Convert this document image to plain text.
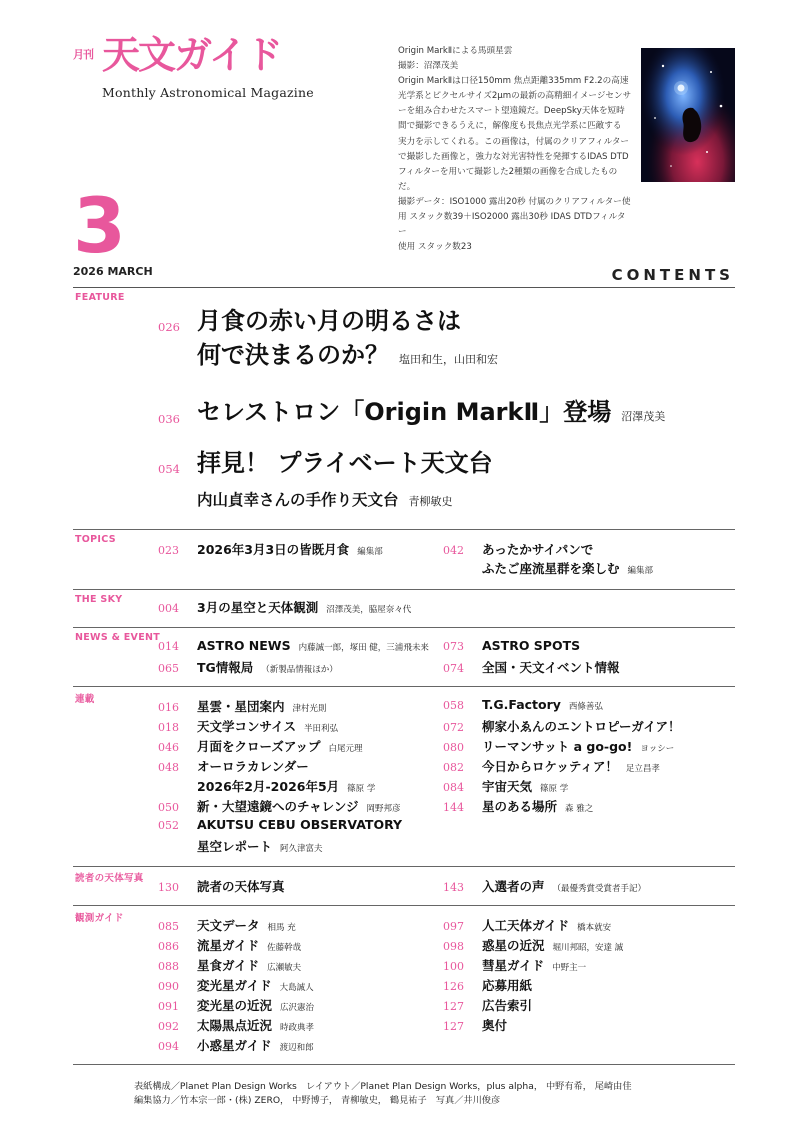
月刊 天文ガイド
Monthly Astronomical Magazine

Origin MarkⅡによる馬頭星雲

撮影：沼澤茂美

Origin MarkⅡは口径150mm 焦点距離335mm F2.2の高速

光学系とピクセルサイズ2μmの最新の高精細イメージセンサ

ーを組み合わせたスマート望遠鏡だ。DeepSky天体を短時

間で撮影できるうえに，解像度も長焦点光学系に匹敵する

実力を示してくれる。この画像は，付属のクリアフィルター

で撮影した画像と，強力な対光害特性を発揮するIDAS DTD

フィルターを用いて撮影した2種類の画像を合成したものだ。

撮影データ：ISO1000 露出20秒 付属のクリアフィルター使

用 スタック数39＋ISO2000 露出30秒 IDAS DTDフィルター

使用 スタック数23

3
2026 MARCH	CONTENTS
FEATURE
026 月食の赤い月の明るさは
何で決まるのか？ 塩田和生，山田和宏
036 セレストロン「Origin MarkⅡ」登場 沼澤茂美
054 拝見！ プライベート天文台
内山貞幸さんの手作り天文台 青柳敏史
TOPICS
023	2026年3月3日の皆既月食 編集部	042	あったかサイパンで
ふたご座流星群を楽しむ 編集部
THE SKY
004	3月の星空と天体観測 沼澤茂美，脇屋奈々代
NEWS & EVENT
014	ASTRO NEWS 内藤誠一郎，塚田 健，三浦飛未来
065	TG情報局 （新製品情報ほか）
073	ASTRO SPOTS
074	全国・天文イベント情報
連載
016	星雲・星団案内 津村光則
018	天文学コンサイス 半田利弘
046	月面をクローズアップ 白尾元理
048	オーロラカレンダー
2026年2月-2026年5月 篠原 学
050	新・大望遠鏡へのチャレンジ 岡野邦彦
052	AKUTSU CEBU OBSERVATORY
星空レポート 阿久津富夫
058	T.G.Factory 西條善弘
072	柳家小ゑんのエントロピーガイア！
080	リーマンサット a go-go! ヨッシー
082	今日からロケッティア！ 足立昌孝
084	宇宙天気 篠原 学
144	星のある場所 森 雅之
読者の天体写真
130	読者の天体写真	143	入選者の声 （最優秀賞受賞者手記）
観測ガイド
085	天文データ 相馬 充
086	流星ガイド 佐藤幹哉
088	星食ガイド 広瀬敏夫
090	変光星ガイド 大島誠人
091	変光星の近況 広沢憲治
092	太陽黒点近況 時政典孝
094	小惑星ガイド 渡辺和郎
097	人工天体ガイド 橋本就安
098	惑星の近況 堀川邦昭，安達 誠
100	彗星ガイド 中野主一
126	応募用紙
127	広告索引
127	奥付
表紙構成／Planet Plan Design Works　レイアウト／Planet Plan Design Works，plus alpha， 中野有希， 尾崎由佳
編集協力／竹本宗一郎・(株) ZERO， 中野博子， 青柳敏史， 鶴見祐子　写真／井川俊彦
